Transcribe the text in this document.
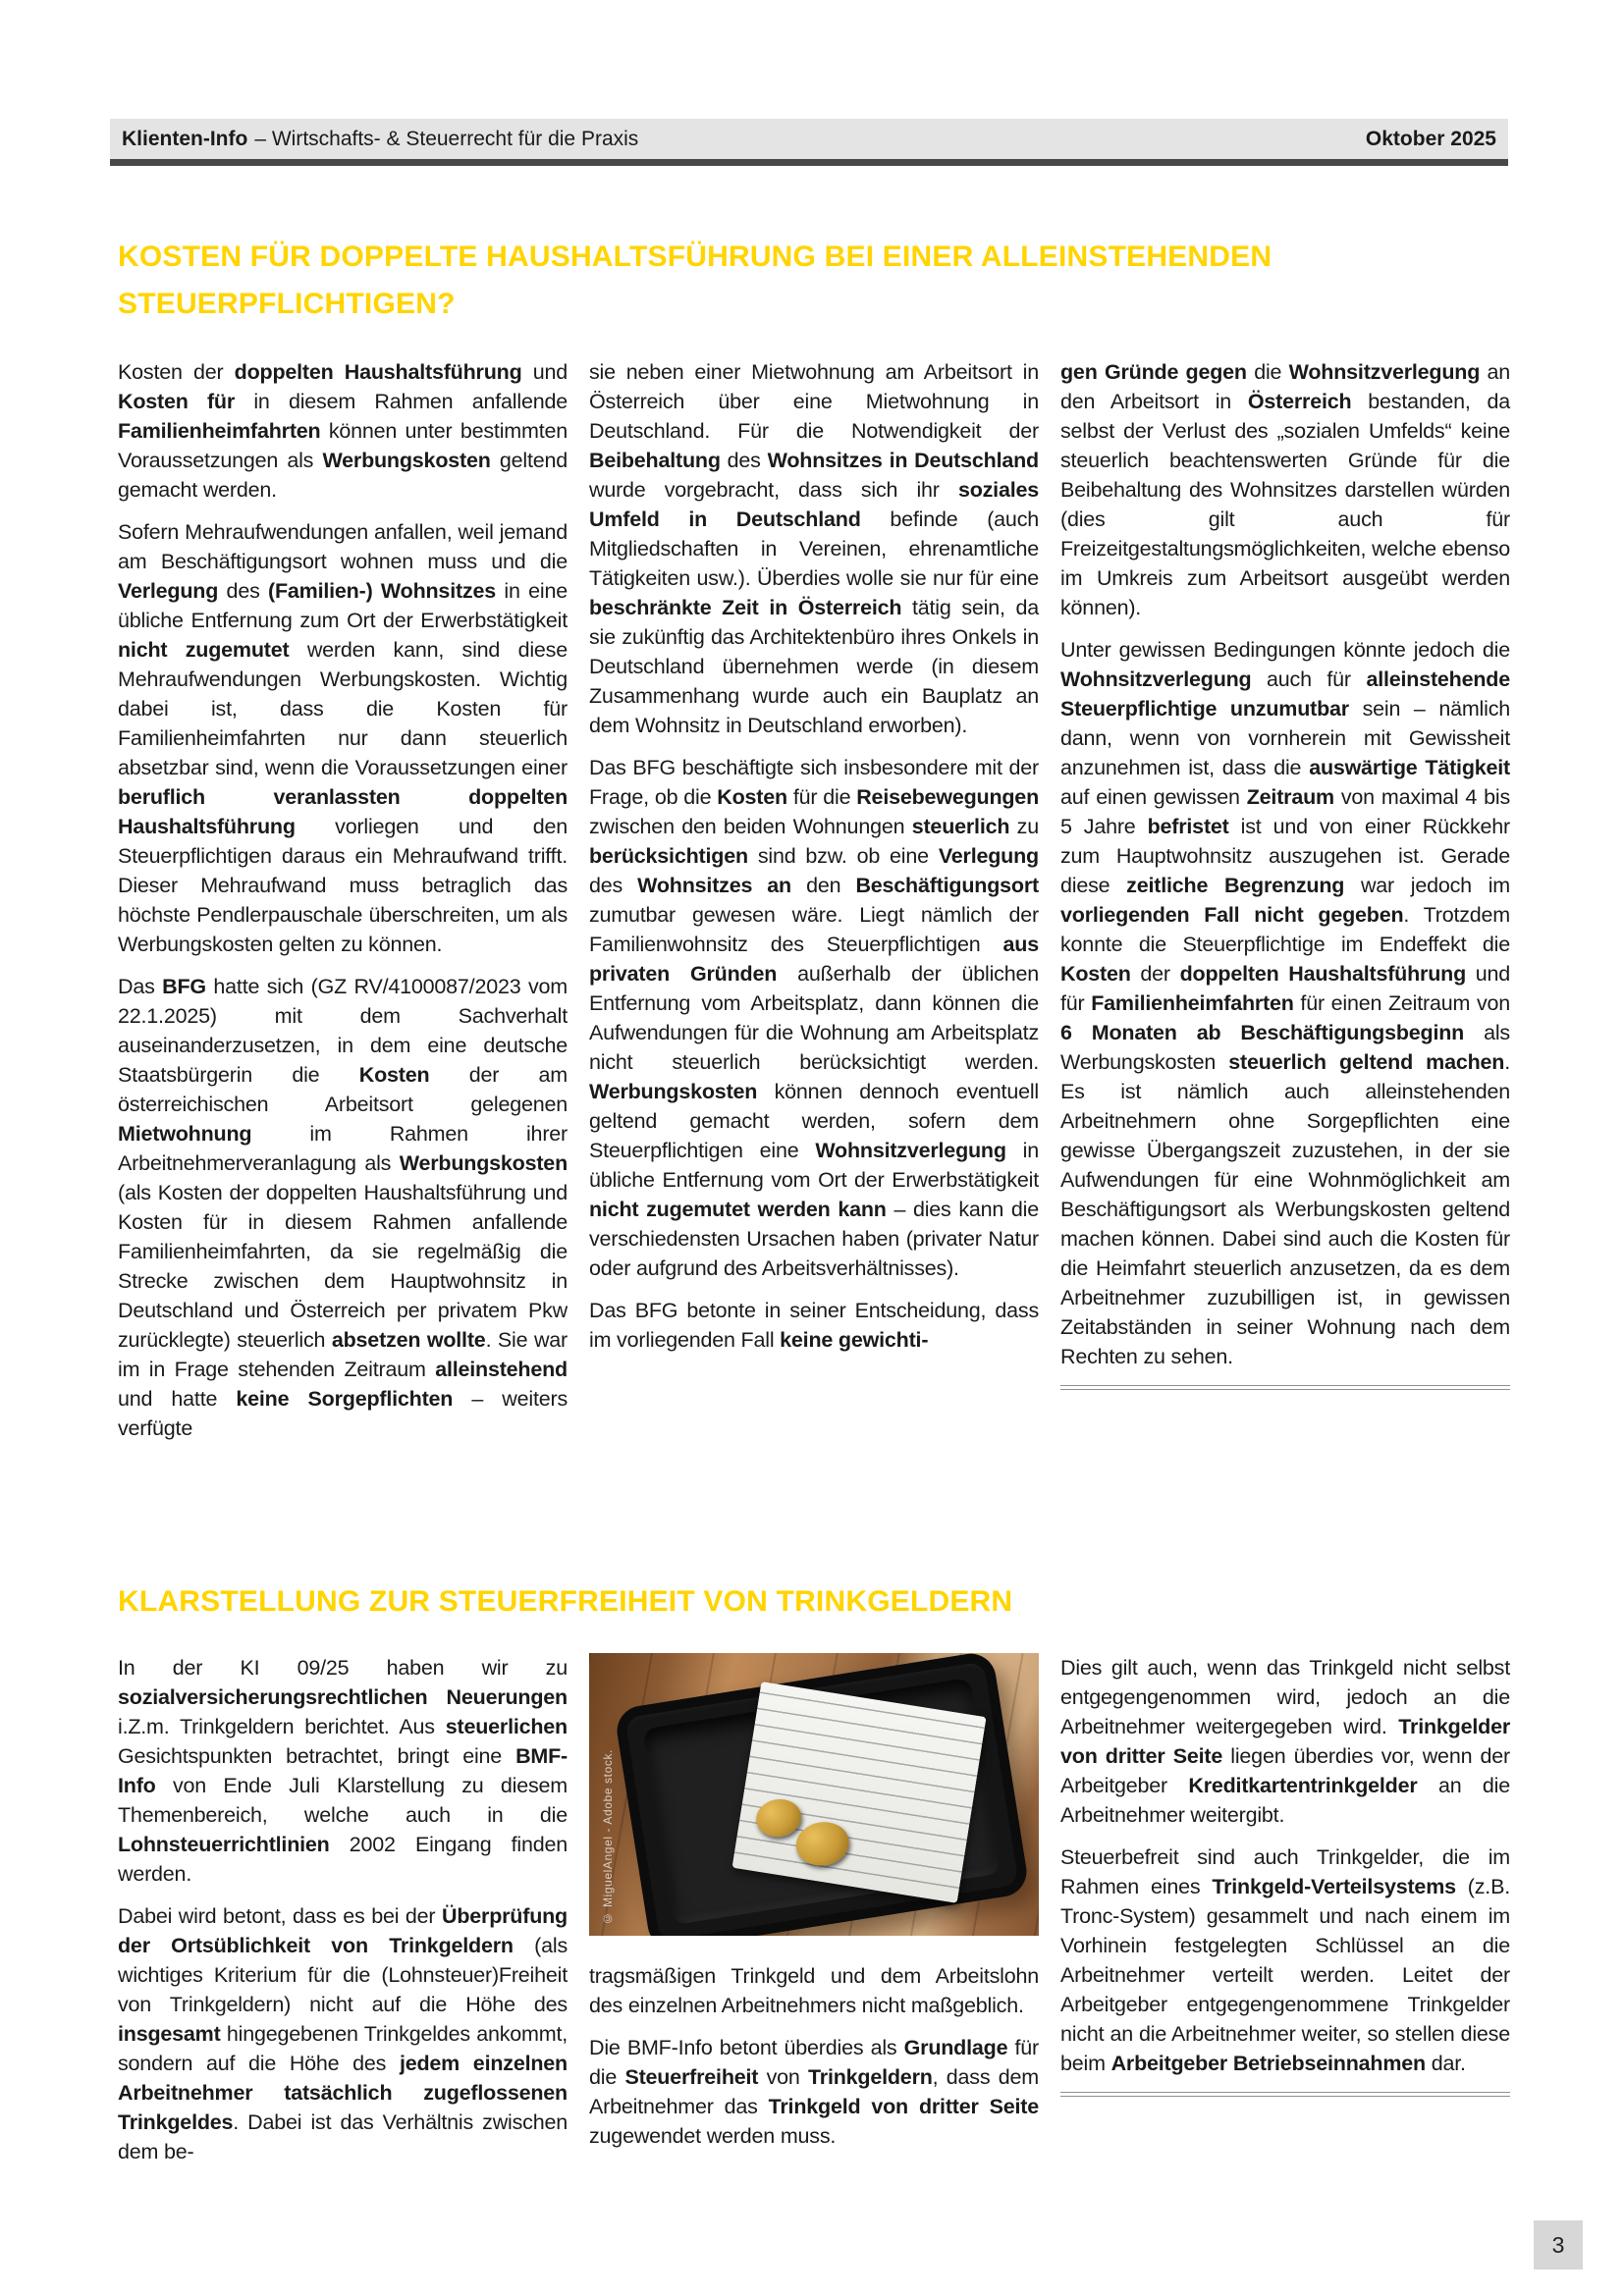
Klienten-Info – Wirtschafts- & Steuerrecht für die Praxis	Oktober 2025
KOSTEN FÜR DOPPELTE HAUSHALTSFÜHRUNG BEI EINER ALLEINSTEHENDEN STEUERPFLICHTIGEN?

Kosten der doppelten Haushaltsführung und Kosten für in diesem Rahmen anfallende Familienheimfahrten können unter bestimmten Voraussetzungen als Werbungskosten geltend gemacht werden.

Sofern Mehraufwendungen anfallen, weil jemand am Beschäftigungsort wohnen muss und die Verlegung des (Familien-) Wohnsitzes in eine übliche Entfernung zum Ort der Erwerbstätigkeit nicht zugemutet werden kann, sind diese Mehraufwendungen Werbungskosten. Wichtig dabei ist, dass die Kosten für Familienheimfahrten nur dann steuerlich absetzbar sind, wenn die Voraussetzungen einer beruflich veranlassten doppelten Haushaltsführung vorliegen und den Steuerpflichtigen daraus ein Mehraufwand trifft. Dieser Mehraufwand muss betraglich das höchste Pendlerpauschale überschreiten, um als Werbungskosten gelten zu können.

Das BFG hatte sich (GZ RV/4100087/2023 vom 22.1.2025) mit dem Sachverhalt auseinanderzusetzen, in dem eine deutsche Staatsbürgerin die Kosten der am österreichischen Arbeitsort gelegenen Mietwohnung im Rahmen ihrer Arbeitnehmerveranlagung als Werbungskosten (als Kosten der doppelten Haushaltsführung und Kosten für in diesem Rahmen anfallende Familienheimfahrten, da sie regelmäßig die Strecke zwischen dem Hauptwohnsitz in Deutschland und Österreich per privatem Pkw zurücklegte) steuerlich absetzen wollte. Sie war im in Frage stehenden Zeitraum alleinstehend und hatte keine Sorgepflichten – weiters verfügte

sie neben einer Mietwohnung am Arbeitsort in Österreich über eine Mietwohnung in Deutschland. Für die Notwendigkeit der Beibehaltung des Wohnsitzes in Deutschland wurde vorgebracht, dass sich ihr soziales Umfeld in Deutschland befinde (auch Mitgliedschaften in Vereinen, ehrenamtliche Tätigkeiten usw.). Überdies wolle sie nur für eine beschränkte Zeit in Österreich tätig sein, da sie zukünftig das Architektenbüro ihres Onkels in Deutschland übernehmen werde (in diesem Zusammenhang wurde auch ein Bauplatz an dem Wohnsitz in Deutschland erworben).

Das BFG beschäftigte sich insbesondere mit der Frage, ob die Kosten für die Reisebewegungen zwischen den beiden Wohnungen steuerlich zu berücksichtigen sind bzw. ob eine Verlegung des Wohnsitzes an den Beschäftigungsort zumutbar gewesen wäre. Liegt nämlich der Familienwohnsitz des Steuerpflichtigen aus privaten Gründen außerhalb der üblichen Entfernung vom Arbeitsplatz, dann können die Aufwendungen für die Wohnung am Arbeitsplatz nicht steuerlich berücksichtigt werden. Werbungskosten können dennoch eventuell geltend gemacht werden, sofern dem Steuerpflichtigen eine Wohnsitzverlegung in übliche Entfernung vom Ort der Erwerbstätigkeit nicht zugemutet werden kann – dies kann die verschiedensten Ursachen haben (privater Natur oder aufgrund des Arbeitsverhältnisses).

Das BFG betonte in seiner Entscheidung, dass im vorliegenden Fall keine gewichti-

gen Gründe gegen die Wohnsitzverlegung an den Arbeitsort in Österreich bestanden, da selbst der Verlust des „sozialen Umfelds“ keine steuerlich beachtenswerten Gründe für die Beibehaltung des Wohnsitzes darstellen würden (dies gilt auch für Freizeitgestaltungsmöglichkeiten, welche ebenso im Umkreis zum Arbeitsort ausgeübt werden können).

Unter gewissen Bedingungen könnte jedoch die Wohnsitzverlegung auch für alleinstehende Steuerpflichtige unzumutbar sein – nämlich dann, wenn von vornherein mit Gewissheit anzunehmen ist, dass die auswärtige Tätigkeit auf einen gewissen Zeitraum von maximal 4 bis 5 Jahre befristet ist und von einer Rückkehr zum Hauptwohnsitz auszugehen ist. Gerade diese zeitliche Begrenzung war jedoch im vorliegenden Fall nicht gegeben. Trotzdem konnte die Steuerpflichtige im Endeffekt die Kosten der doppelten Haushaltsführung und für Familienheimfahrten für einen Zeitraum von 6 Monaten ab Beschäftigungsbeginn als Werbungskosten steuerlich geltend machen. Es ist nämlich auch alleinstehenden Arbeitnehmern ohne Sorgepflichten eine gewisse Übergangszeit zuzustehen, in der sie Aufwendungen für eine Wohnmöglichkeit am Beschäftigungsort als Werbungskosten geltend machen können. Dabei sind auch die Kosten für die Heimfahrt steuerlich anzusetzen, da es dem Arbeitnehmer zuzubilligen ist, in gewissen Zeitabständen in seiner Wohnung nach dem Rechten zu sehen.

KLARSTELLUNG ZUR STEUERFREIHEIT VON TRINKGELDERN

In der KI 09/25 haben wir zu sozialversicherungsrechtlichen Neuerungen i.Z.m. Trinkgeldern berichtet. Aus steuerlichen Gesichtspunkten betrachtet, bringt eine BMF-Info von Ende Juli Klarstellung zu diesem Themenbereich, welche auch in die Lohnsteuerrichtlinien 2002 Eingang finden werden.

Dabei wird betont, dass es bei der Überprüfung der Ortsüblichkeit von Trinkgeldern (als wichtiges Kriterium für die (Lohnsteuer)Freiheit von Trinkgeldern) nicht auf die Höhe des insgesamt hingegebenen Trinkgeldes ankommt, sondern auf die Höhe des jedem einzelnen Arbeitnehmer tatsächlich zugeflossenen Trinkgeldes. Dabei ist das Verhältnis zwischen dem be-

© MiguelAngel - Adobe stock.

tragsmäßigen Trinkgeld und dem Arbeitslohn des einzelnen Arbeitnehmers nicht maßgeblich.

Die BMF-Info betont überdies als Grundlage für die Steuerfreiheit von Trinkgeldern, dass dem Arbeitnehmer das Trinkgeld von dritter Seite zugewendet werden muss.

Dies gilt auch, wenn das Trinkgeld nicht selbst entgegengenommen wird, jedoch an die Arbeitnehmer weitergegeben wird. Trinkgelder von dritter Seite liegen überdies vor, wenn der Arbeitgeber Kreditkartentrinkgelder an die Arbeitnehmer weitergibt.

Steuerbefreit sind auch Trinkgelder, die im Rahmen eines Trinkgeld-Verteilsystems (z.B. Tronc-System) gesammelt und nach einem im Vorhinein festgelegten Schlüssel an die Arbeitnehmer verteilt werden. Leitet der Arbeitgeber entgegengenommene Trinkgelder nicht an die Arbeitnehmer weiter, so stellen diese beim Arbeitgeber Betriebseinnahmen dar.

3
